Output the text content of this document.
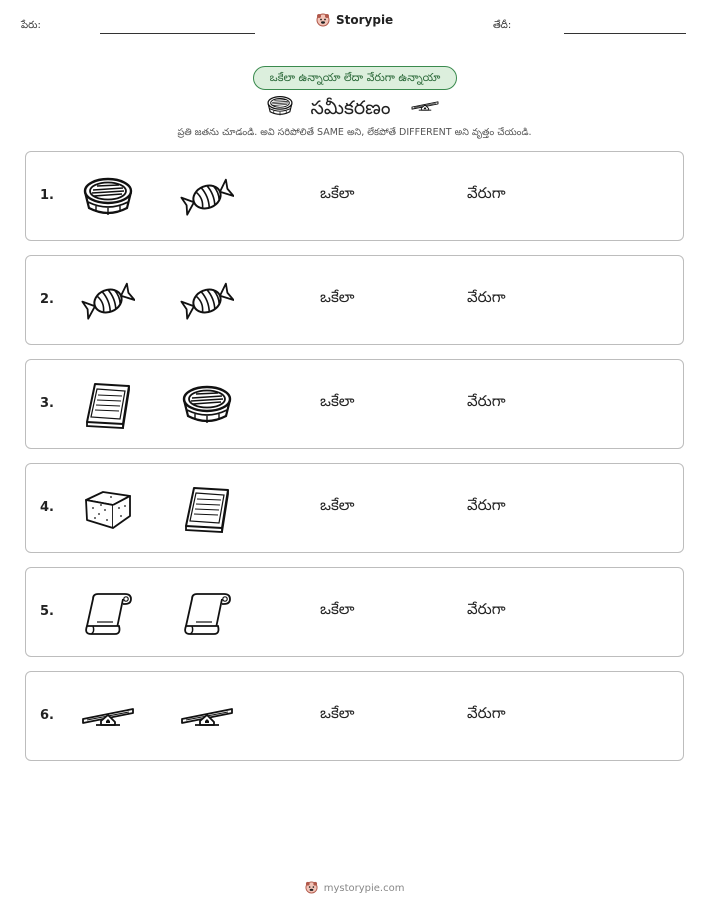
పేరు:	Storypie	తేదీ:
ఒకేలా ఉన్నాయా లేదా వేరుగా ఉన్నాయా
సమీకరణం
ప్రతి జతను చూడండి. అవి సరిపోలితే SAME అని, లేకపోతే DIFFERENT అని వృత్తం చేయండి.
1.	ఒకేలా	వేరుగా
2.	ఒకేలా	వేరుగా
3.	ఒకేలా	వేరుగా
4.	ఒకేలా	వేరుగా
5.	ఒకేలా	వేరుగా
6.	ఒకేలా	వేరుగా
mystorypie.com
